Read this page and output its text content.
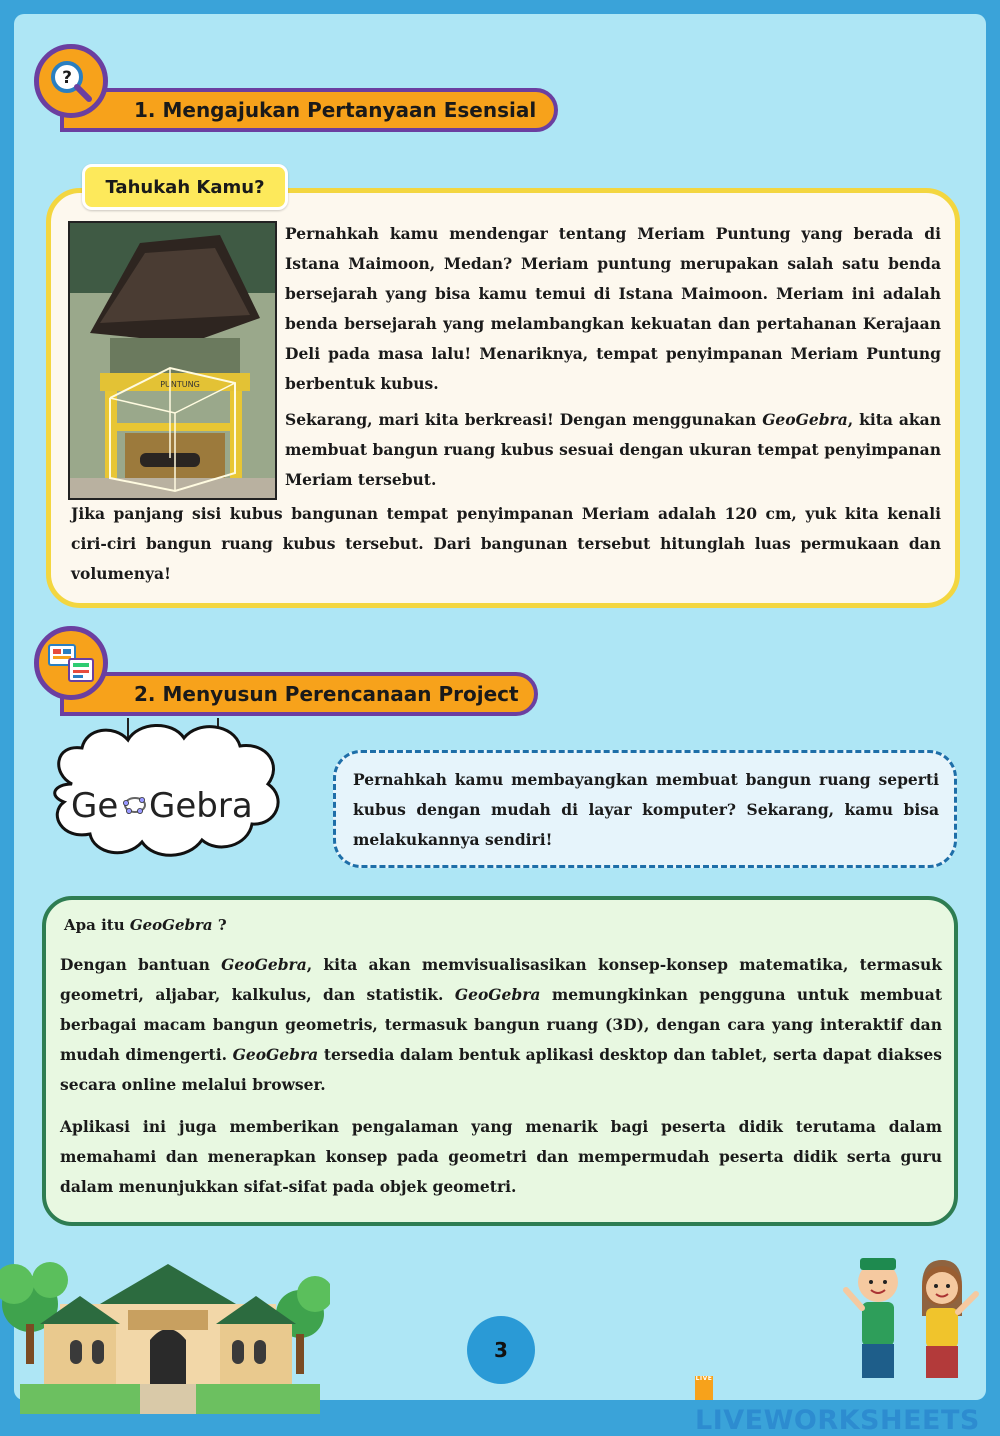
?
1. Mengajukan Pertanyaan Esensial
Tahukah Kamu?
PUNTUNG

Pernahkah kamu mendengar tentang Meriam Puntung yang berada di Istana Maimoon, Medan? Meriam puntung merupakan salah satu benda bersejarah yang bisa kamu temui di Istana Maimoon. Meriam ini adalah benda bersejarah yang melambangkan kekuatan dan pertahanan Kerajaan Deli pada masa lalu! Menariknya, tempat penyimpanan Meriam Puntung berbentuk kubus.

Sekarang, mari kita berkreasi! Dengan menggunakan GeoGebra, kita akan membuat bangun ruang kubus sesuai dengan ukuran tempat penyimpanan Meriam tersebut.

Jika panjang sisi kubus bangunan tempat penyimpanan Meriam adalah 120 cm, yuk kita kenali ciri-ciri bangun ruang kubus tersebut. Dari bangunan tersebut hitunglah luas permukaan dan volumenya!

2. Menyusun Perencanaan Project
Ge Gebra

Pernahkah kamu membayangkan membuat bangun ruang seperti kubus dengan mudah di layar komputer? Sekarang, kamu bisa melakukannya sendiri!

Apa itu GeoGebra ?

Dengan bantuan GeoGebra, kita akan memvisualisasikan konsep-konsep matematika, termasuk geometri, aljabar, kalkulus, dan statistik. GeoGebra memungkinkan pengguna untuk membuat berbagai macam bangun geometris, termasuk bangun ruang (3D), dengan cara yang interaktif dan mudah dimengerti. GeoGebra tersedia dalam bentuk aplikasi desktop dan tablet, serta dapat diakses secara online melalui browser.

Aplikasi ini juga memberikan pengalaman yang menarik bagi peserta didik terutama dalam memahami dan menerapkan konsep pada geometri dan mempermudah peserta didik serta guru dalam menunjukkan sifat-sifat pada objek geometri.

3
LIVELIVEWORKSHEETS
